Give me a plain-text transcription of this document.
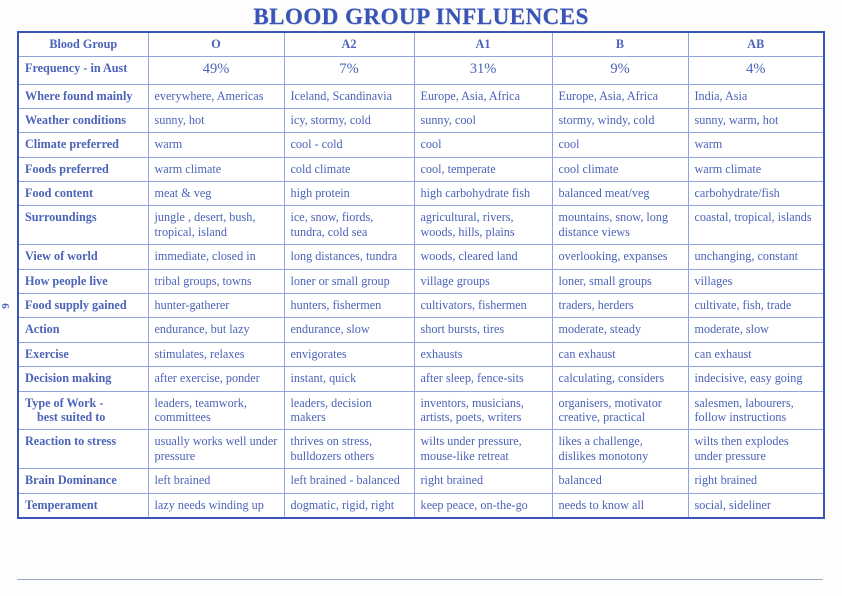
BLOOD GROUP INFLUENCES
9
Blood Group	O	A2	A1	B	AB
Frequency - in Aust	49%	7%	31%	9%	4%
Where found mainly	everywhere, Americas	Iceland, Scandinavia	Europe, Asia, Africa	Europe, Asia, Africa	India, Asia
Weather conditions	sunny, hot	icy, stormy, cold	sunny, cool	stormy, windy, cold	sunny, warm, hot
Climate preferred	warm	cool - cold	cool	cool	warm
Foods preferred	warm climate	cold climate	cool, temperate	cool climate	warm climate
Food content	meat & veg	high protein	high carbohydrate fish	balanced meat/veg	carbohydrate/fish
Surroundings	jungle , desert, bush, tropical, island	ice, snow, fiords, tundra, cold sea	agricultural, rivers, woods, hills, plains	mountains, snow, long distance views	coastal, tropical, islands
View of world	immediate, closed in	long distances, tundra	woods, cleared land	overlooking, expanses	unchanging, constant
How people live	tribal groups, towns	loner or small group	village groups	loner, small groups	villages
Food supply gained	hunter-gatherer	hunters, fishermen	cultivators, fishermen	traders, herders	cultivate, fish, trade
Action	endurance, but lazy	endurance, slow	short bursts, tires	moderate, steady	moderate, slow
Exercise	stimulates, relaxes	envigorates	exhausts	can exhaust	can exhaust
Decision making	after exercise, ponder	instant, quick	after sleep, fence-sits	calculating, considers	indecisive, easy going
Type of Work -
best suited to	leaders, teamwork, committees	leaders, decision makers	inventors, musicians, artists, poets, writers	organisers, motivator creative, practical	salesmen, labourers, follow instructions
Reaction to stress	usually works well under pressure	thrives on stress, bulldozers others	wilts under pressure, mouse-like retreat	likes a challenge, dislikes monotony	wilts then explodes under pressure
Brain Dominance	left brained	left brained - balanced	right brained	balanced	right brained
Temperament	lazy needs winding up	dogmatic, rigid, right	keep peace, on-the-go	needs to know all	social, sideliner
